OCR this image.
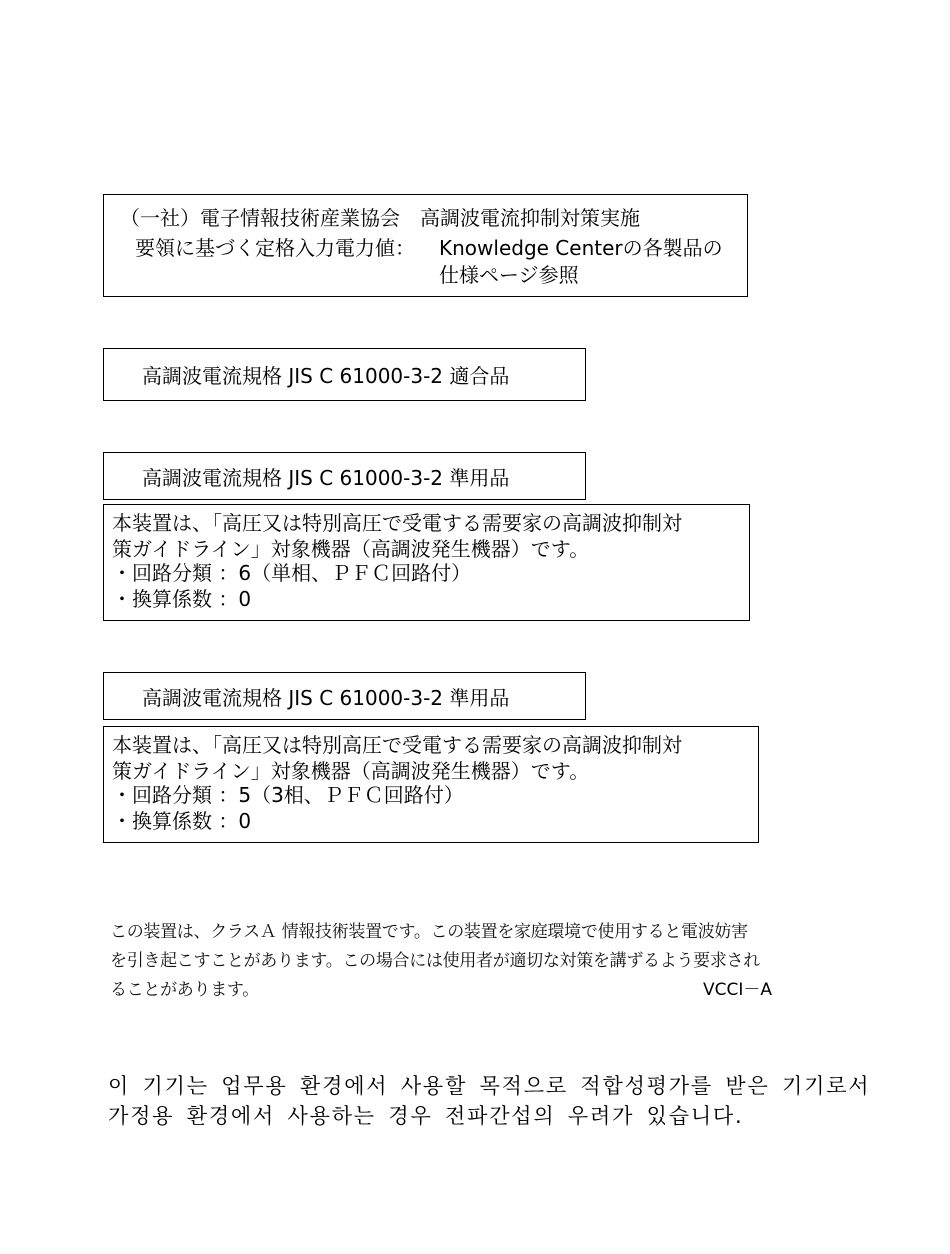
（一社）電子情報技術産業協会　高調波電流抑制対策実施
要領に基づく定格入力電力値： Knowledge Centerの各製品の
仕様ページ参照
高調波電流規格 JIS C 61000-3-2 適合品
高調波電流規格 JIS C 61000-3-2 準用品
本装置は、「高圧又は特別高圧で受電する需要家の高調波抑制対
策ガイドライン」対象機器（高調波発生機器）です。
・回路分類 ：6（単相、ＰＦＣ回路付）
・換算係数 ：0
高調波電流規格 JIS C 61000-3-2 準用品
本装置は、「高圧又は特別高圧で受電する需要家の高調波抑制対
策ガイドライン」対象機器（高調波発生機器）です。
・回路分類 ：5（3相、ＰＦＣ回路付）
・換算係数 ：0
この装置は、クラスＡ 情報技術装置です。この装置を家庭環境で使用すると電波妨害
を引き起こすことがあります。この場合には使用者が適切な対策を講ずるよう要求され
ることがあります。	VCCI－A
이 기기는 업무용 환경에서 사용할 목적으로 적합성평가를 받은 기기로서
가정용 환경에서 사용하는 경우 전파간섭의 우려가 있습니다.
